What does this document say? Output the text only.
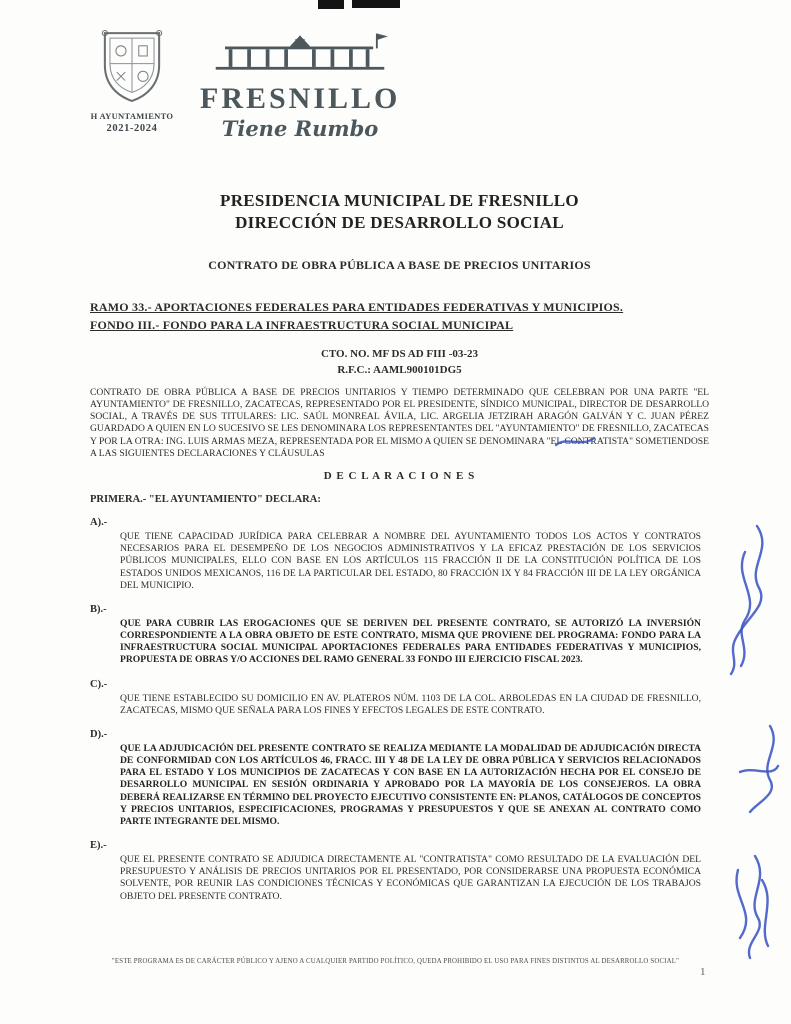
H AYUNTAMIENTO
2021-2024
FRESNILLO
Tiene Rumbo
PRESIDENCIA MUNICIPAL DE FRESNILLO
DIRECCIÓN DE DESARROLLO SOCIAL
CONTRATO DE OBRA PÚBLICA A BASE DE PRECIOS UNITARIOS
RAMO 33.- APORTACIONES FEDERALES PARA ENTIDADES FEDERATIVAS Y MUNICIPIOS.
FONDO III.- FONDO PARA LA INFRAESTRUCTURA SOCIAL MUNICIPAL
CTO. NO. MF DS AD FIII -03-23
R.F.C.: AAML900101DG5

CONTRATO DE OBRA PÚBLICA A BASE DE PRECIOS UNITARIOS Y TIEMPO DETERMINADO QUE CELEBRAN POR UNA PARTE "EL AYUNTAMIENTO" DE FRESNILLO, ZACATECAS, REPRESENTADO POR EL PRESIDENTE, SÍNDICO MUNICIPAL, DIRECTOR DE DESARROLLO SOCIAL, A TRAVÉS DE SUS TITULARES: LIC. SAÚL MONREAL ÁVILA, LIC. ARGELIA JETZIRAH ARAGÓN GALVÁN Y C. JUAN PÉREZ GUARDADO A QUIEN EN LO SUCESIVO SE LES DENOMINARA LOS REPRESENTANTES DEL "AYUNTAMIENTO" DE FRESNILLO, ZACATECAS Y POR LA OTRA: ING. LUIS ARMAS MEZA, REPRESENTADA POR EL MISMO A QUIEN SE DENOMINARA "EL CONTRATISTA" SOMETIENDOSE A LAS SIGUIENTES DECLARACIONES Y CLÁUSULAS

D E C L A R A C I O N E S
PRIMERA.- "EL AYUNTAMIENTO" DECLARA:
A).-

QUE TIENE CAPACIDAD JURÍDICA PARA CELEBRAR A NOMBRE DEL AYUNTAMIENTO TODOS LOS ACTOS Y CONTRATOS NECESARIOS PARA EL DESEMPEÑO DE LOS NEGOCIOS ADMINISTRATIVOS Y LA EFICAZ PRESTACIÓN DE LOS SERVICIOS PÚBLICOS MUNICIPALES, ELLO CON BASE EN LOS ARTÍCULOS 115 FRACCIÓN II DE LA CONSTITUCIÓN POLÍTICA DE LOS ESTADOS UNIDOS MEXICANOS, 116 DE LA PARTICULAR DEL ESTADO, 80 FRACCIÓN IX Y 84 FRACCIÓN III DE LA LEY ORGÁNICA DEL MUNICIPIO.

B).-

QUE PARA CUBRIR LAS EROGACIONES QUE SE DERIVEN DEL PRESENTE CONTRATO, SE AUTORIZÓ LA INVERSIÓN CORRESPONDIENTE A LA OBRA OBJETO DE ESTE CONTRATO, MISMA QUE PROVIENE DEL PROGRAMA: FONDO PARA LA INFRAESTRUCTURA SOCIAL MUNICIPAL APORTACIONES FEDERALES PARA ENTIDADES FEDERATIVAS Y MUNICIPIOS, PROPUESTA DE OBRAS Y/O ACCIONES DEL RAMO GENERAL 33 FONDO III EJERCICIO FISCAL 2023.

C).-

QUE TIENE ESTABLECIDO SU DOMICILIO EN AV. PLATEROS NÚM. 1103 DE LA COL. ARBOLEDAS EN LA CIUDAD DE FRESNILLO, ZACATECAS, MISMO QUE SEÑALA PARA LOS FINES Y EFECTOS LEGALES DE ESTE CONTRATO.

D).-

QUE LA ADJUDICACIÓN DEL PRESENTE CONTRATO SE REALIZA MEDIANTE LA MODALIDAD DE ADJUDICACIÓN DIRECTA DE CONFORMIDAD CON LOS ARTÍCULOS 46, FRACC. III Y 48 DE LA LEY DE OBRA PÚBLICA Y SERVICIOS RELACIONADOS PARA EL ESTADO Y LOS MUNICIPIOS DE ZACATECAS Y CON BASE EN LA AUTORIZACIÓN HECHA POR EL CONSEJO DE DESARROLLO MUNICIPAL EN SESIÓN ORDINARIA Y APROBADO POR LA MAYORÍA DE LOS CONSEJEROS. LA OBRA DEBERÁ REALIZARSE EN TÉRMINO DEL PROYECTO EJECUTIVO CONSISTENTE EN: PLANOS, CATÁLOGOS DE CONCEPTOS Y PRECIOS UNITARIOS, ESPECIFICACIONES, PROGRAMAS Y PRESUPUESTOS Y QUE SE ANEXAN AL CONTRATO COMO PARTE INTEGRANTE DEL MISMO.

E).-

QUE EL PRESENTE CONTRATO SE ADJUDICA DIRECTAMENTE AL "CONTRATISTA" COMO RESULTADO DE LA EVALUACIÓN DEL PRESUPUESTO Y ANÁLISIS DE PRECIOS UNITARIOS POR EL PRESENTADO, POR CONSIDERARSE UNA PROPUESTA ECONÓMICA SOLVENTE, POR REUNIR LAS CONDICIONES TÉCNICAS Y ECONÓMICAS QUE GARANTIZAN LA EJECUCIÓN DE LOS TRABAJOS OBJETO DEL PRESENTE CONTRATO.

"ESTE PROGRAMA ES DE CARÁCTER PÚBLICO Y AJENO A CUALQUIER PARTIDO POLÍTICO, QUEDA PROHIBIDO EL USO PARA FINES DISTINTOS AL DESARROLLO SOCIAL"
1
